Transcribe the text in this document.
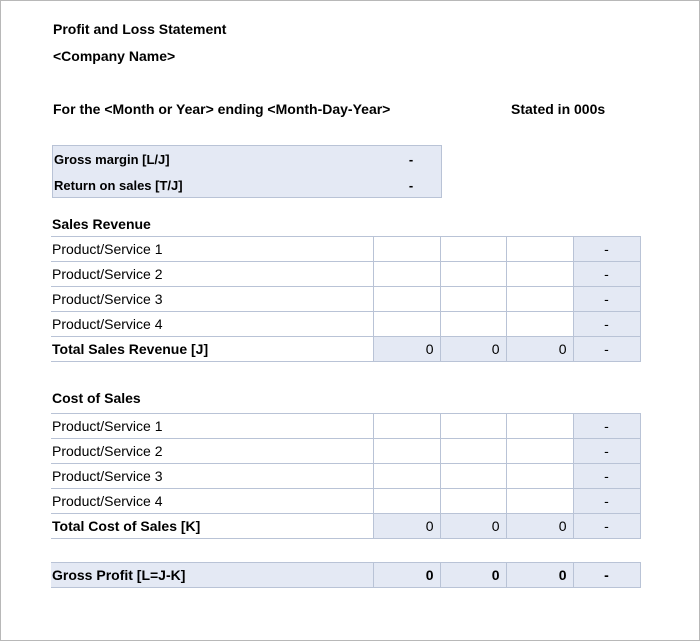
Profit and Loss Statement
<Company Name>
For the <Month or Year> ending <Month-Day-Year>	Stated in 000s
Gross margin [L/J]	-
Return on sales [T/J]	-
Sales Revenue
Product/Service 1				-
Product/Service 2				-
Product/Service 3				-
Product/Service 4				-
Total Sales Revenue [J]	0	0	0	-
Cost of Sales
Product/Service 1				-
Product/Service 2				-
Product/Service 3				-
Product/Service 4				-
Total Cost of Sales [K]	0	0	0	-
Gross Profit [L=J-K]	0	0	0	-
